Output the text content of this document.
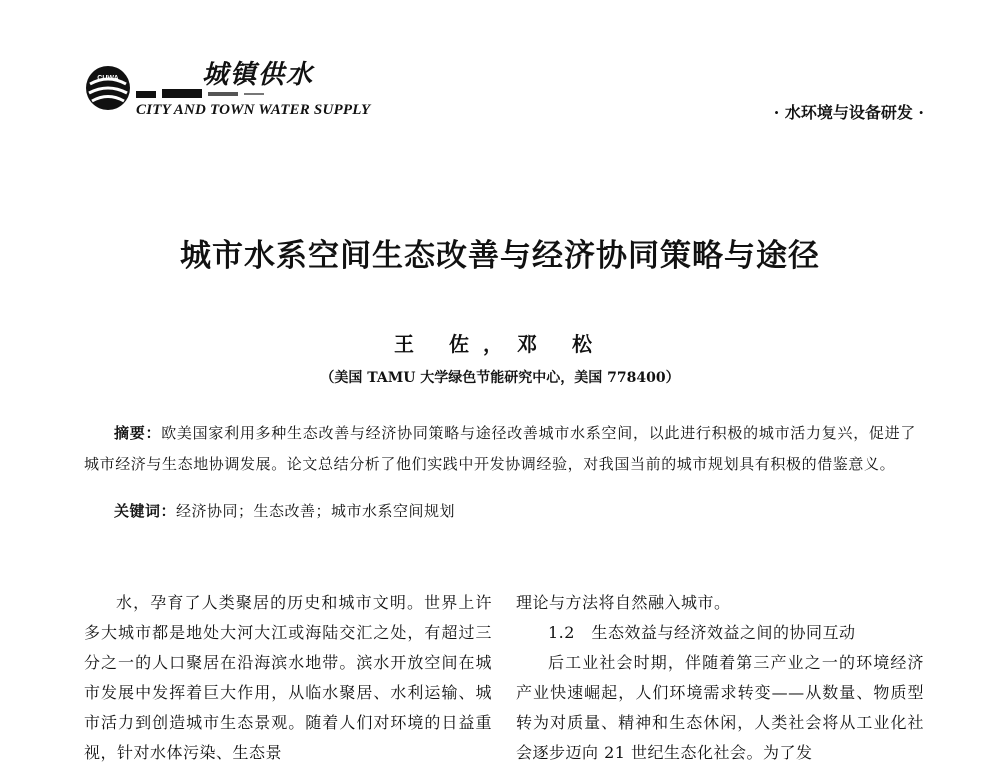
CUWA	城镇供水
CITY AND TOWN WATER SUPPLY	· 水环境与设备研发 ·
城市水系空间生态改善与经济协同策略与途径
王 佐，邓 松
（美国 TAMU 大学绿色节能研究中心，美国 778400）
摘要：欧美国家利用多种生态改善与经济协同策略与途径改善城市水系空间，以此进行积极的城市活力复兴，促进了城市经济与生态地协调发展。论文总结分析了他们实践中开发协调经验，对我国当前的城市规划具有积极的借鉴意义。
关键词：经济协同；生态改善；城市水系空间规划

水，孕育了人类聚居的历史和城市文明。世界上许多大城市都是地处大河大江或海陆交汇之处，有超过三分之一的人口聚居在沿海滨水地带。滨水开放空间在城市发展中发挥着巨大作用，从临水聚居、水利运输、城市活力到创造城市生态景观。随着人们对环境的日益重视，针对水体污染、生态景

理论与方法将自然融入城市。

1.2　生态效益与经济效益之间的协同互动

后工业社会时期，伴随着第三产业之一的环境经济产业快速崛起，人们环境需求转变——从数量、物质型转为对质量、精神和生态休闲，人类社会将从工业化社会逐步迈向 21 世纪生态化社会。为了发
